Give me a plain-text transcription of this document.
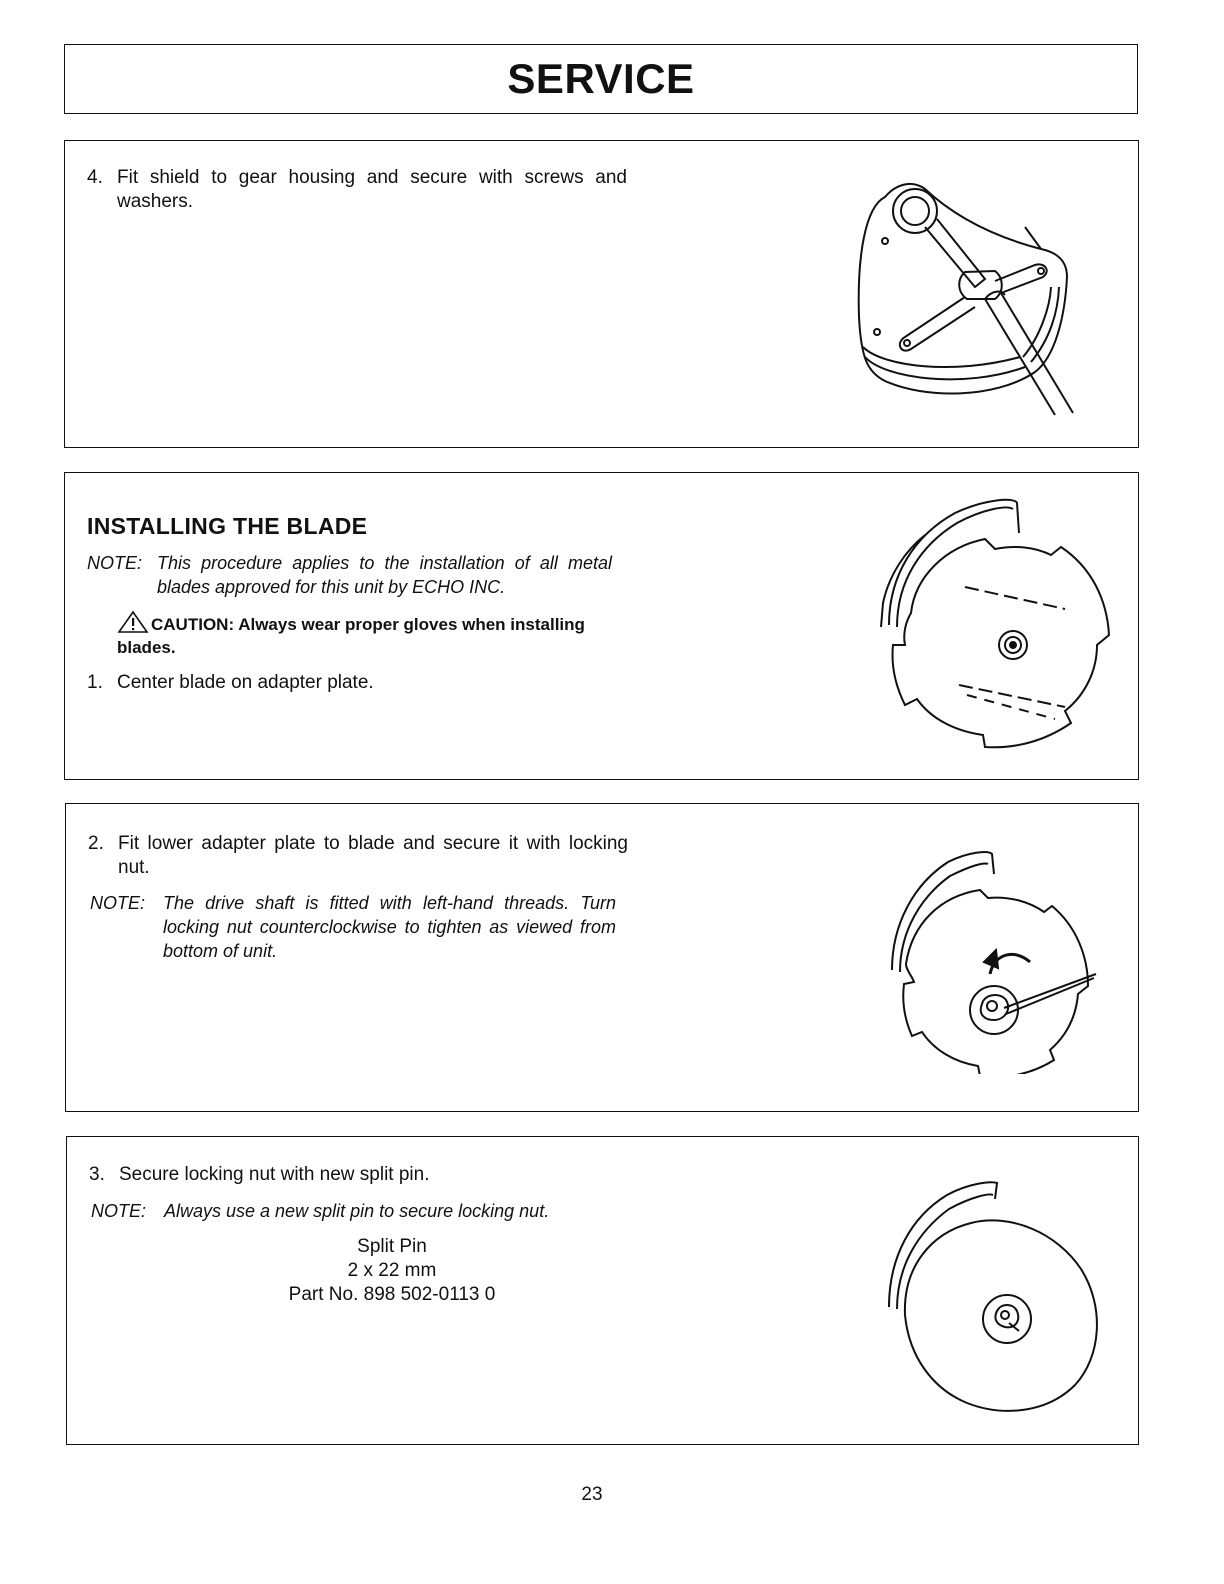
SERVICE
4. Fit shield to gear housing and secure with screws and washers.
INSTALLING THE BLADE
NOTE: This procedure applies to the installation of all metal blades approved for this unit by ECHO INC.
CAUTION: Always wear proper gloves when installing blades.
1. Center blade on adapter plate.
2. Fit lower adapter plate to blade and secure it with locking nut.
NOTE: The drive shaft is fitted with left-hand threads. Turn locking nut counterclockwise to tighten as viewed from bottom of unit.
3. Secure locking nut with new split pin.
NOTE: Always use a new split pin to secure locking nut.
Split Pin
2 x 22 mm
Part No. 898 502-0113 0
23
